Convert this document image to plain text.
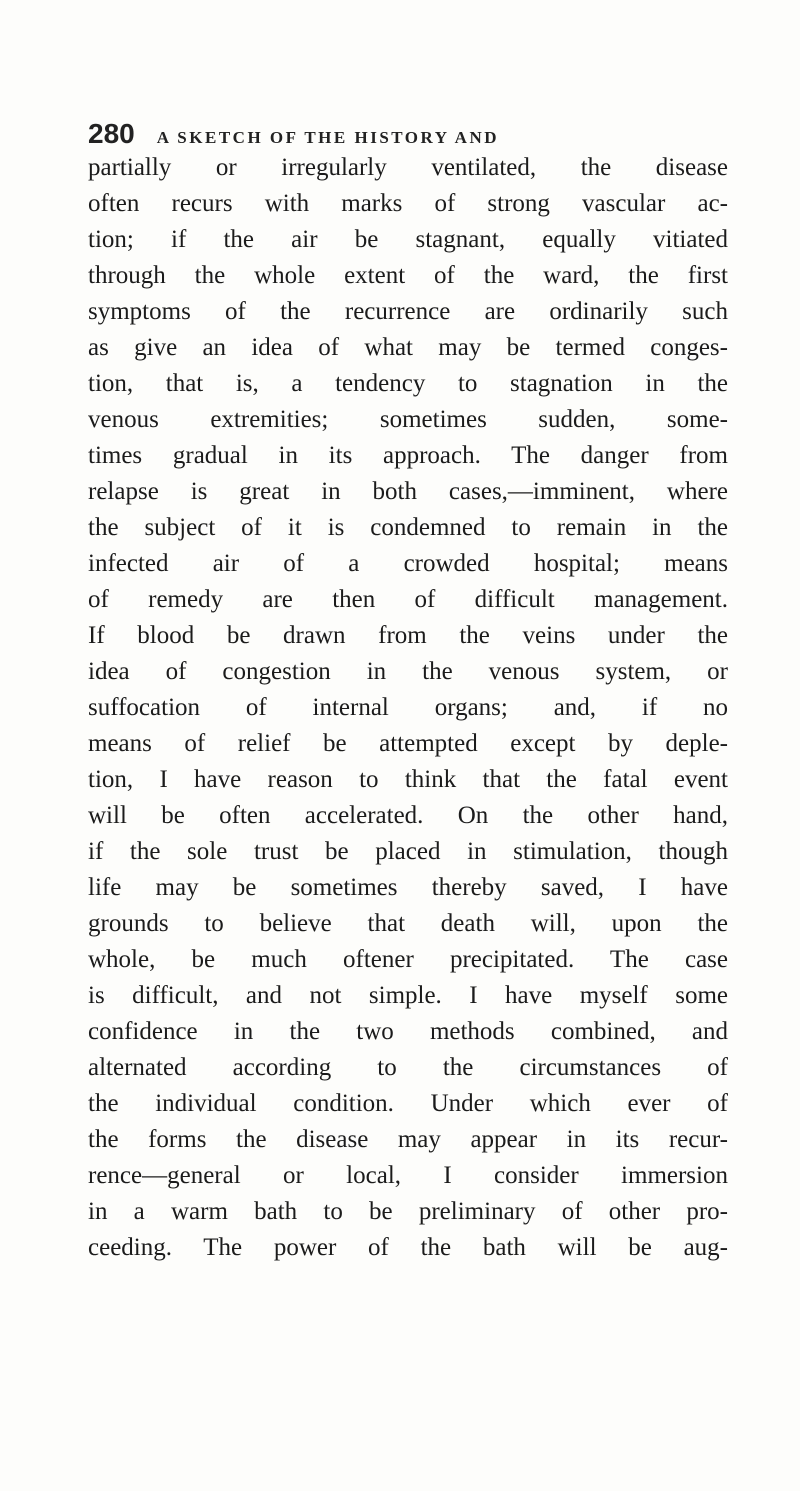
280 A SKETCH OF THE HISTORY AND
partially or irregularly ventilated, the disease
often recurs with marks of strong vascular ac-
tion; if the air be stagnant, equally vitiated
through the whole extent of the ward, the first
symptoms of the recurrence are ordinarily such
as give an idea of what may be termed conges-
tion, that is, a tendency to stagnation in the
venous extremities; sometimes sudden, some-
times gradual in its approach. The danger from
relapse is great in both cases,—imminent, where
the subject of it is condemned to remain in the
infected air of a crowded hospital; means
of remedy are then of difficult management.
If blood be drawn from the veins under the
idea of congestion in the venous system, or
suffocation of internal organs; and, if no
means of relief be attempted except by deple-
tion, I have reason to think that the fatal event
will be often accelerated. On the other hand,
if the sole trust be placed in stimulation, though
life may be sometimes thereby saved, I have
grounds to believe that death will, upon the
whole, be much oftener precipitated. The case
is difficult, and not simple. I have myself some
confidence in the two methods combined, and
alternated according to the circumstances of
the individual condition. Under which ever of
the forms the disease may appear in its recur-
rence—general or local, I consider immersion
in a warm bath to be preliminary of other pro-
ceeding. The power of the bath will be aug-
